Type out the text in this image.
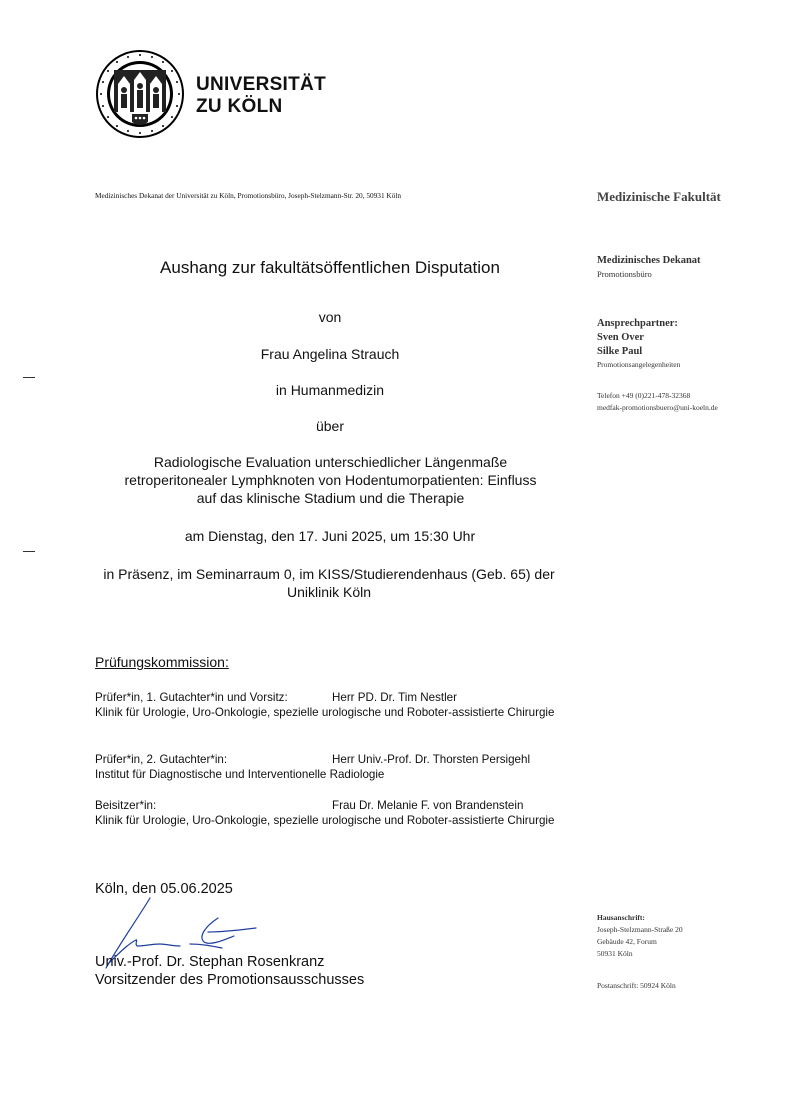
UNIVERSITÄT
ZU KÖLN
Medizinisches Dekanat der Universität zu Köln, Promotionsbüro, Joseph-Stelzmann-Str. 20, 50931 Köln	Medizinische Fakultät
Medizinisches Dekanat
Promotionsbüro
Ansprechpartner:
Sven Over
Silke Paul
Promotionsangelegenheiten
Telefon +49 (0)221-478-32368
medfak-promotionsbuero@uni-koeln.de
Hausanschrift:
Joseph-Stelzmann-Straße 20
Gebäude 42, Forum
50931 Köln
Postanschrift: 50924 Köln
Aushang zur fakultätsöffentlichen Disputation
von
Frau Angelina Strauch
in Humanmedizin
über
Radiologische Evaluation unterschiedlicher Längenmaße retroperitonealer Lymphknoten von Hodentumorpatienten: Einfluss auf das klinische Stadium und die Therapie
am Dienstag, den 17. Juni 2025, um 15:30 Uhr
in Präsenz, im Seminarraum 0, im KISS/Studierendenhaus (Geb. 65) der Uniklinik Köln
Prüfungskommission:
Prüfer*in, 1. Gutachter*in und Vorsitz:	Herr PD. Dr. Tim Nestler
Klinik für Urologie, Uro-Onkologie, spezielle urologische und Roboter-assistierte Chirurgie
Prüfer*in, 2. Gutachter*in:	Herr Univ.-Prof. Dr. Thorsten Persigehl
Institut für Diagnostische und Interventionelle Radiologie
Beisitzer*in:	Frau Dr. Melanie F. von Brandenstein
Klinik für Urologie, Uro-Onkologie, spezielle urologische und Roboter-assistierte Chirurgie
Köln, den 05.06.2025
Univ.-Prof. Dr. Stephan Rosenkranz
Vorsitzender des Promotionsausschusses
